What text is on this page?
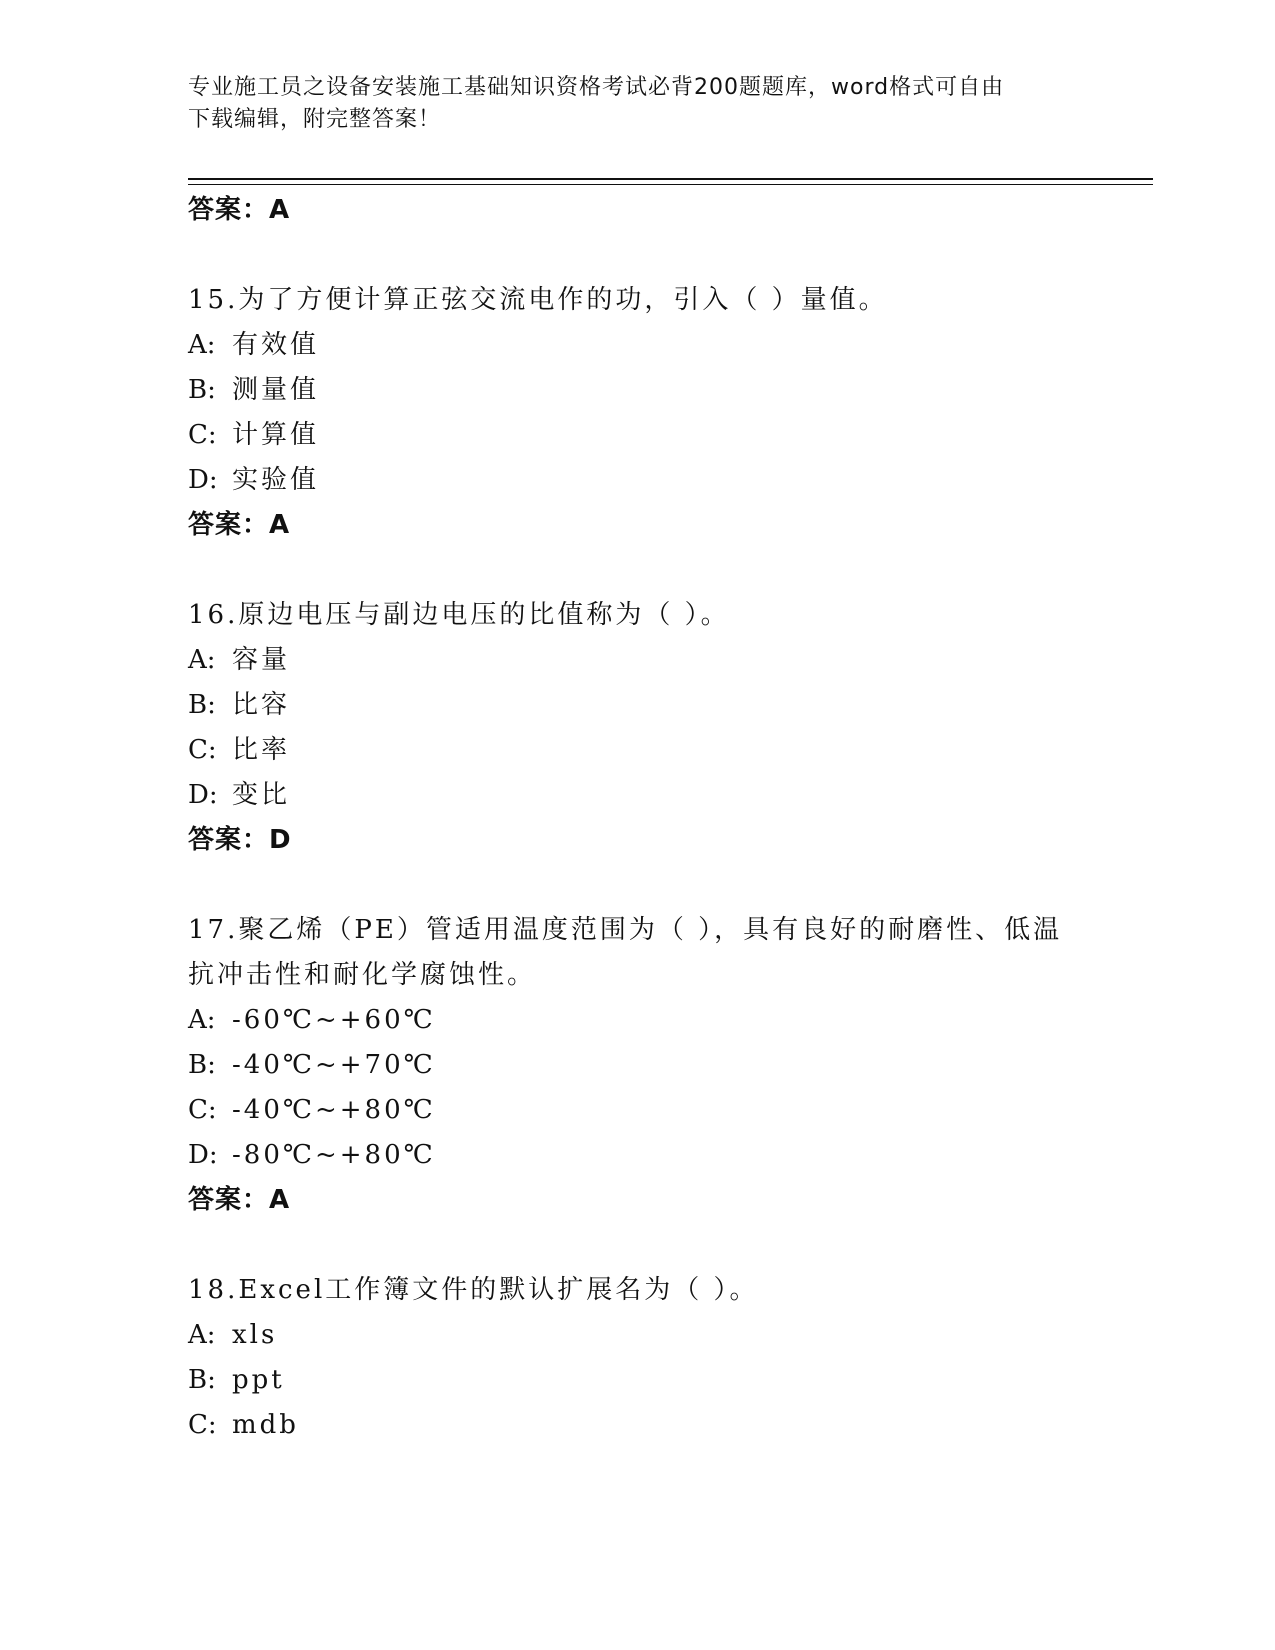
专业施工员之设备安装施工基础知识资格考试必背200题题库，word格式可自由
下载编辑，附完整答案！
答案：A
15.为了方便计算正弦交流电作的功，引入（ ）量值。
A: 有效值
B: 测量值
C: 计算值
D: 实验值
答案：A
16.原边电压与副边电压的比值称为（ ）。
A: 容量
B: 比容
C: 比率
D: 变比
答案：D
17.聚乙烯（PE）管适用温度范围为（ ），具有良好的耐磨性、低温
抗冲击性和耐化学腐蚀性。
A: -60℃~+60℃
B: -40℃~+70℃
C: -40℃~+80℃
D: -80℃~+80℃
答案：A
18.Excel工作簿文件的默认扩展名为（ ）。
A: xls
B: ppt
C: mdb
